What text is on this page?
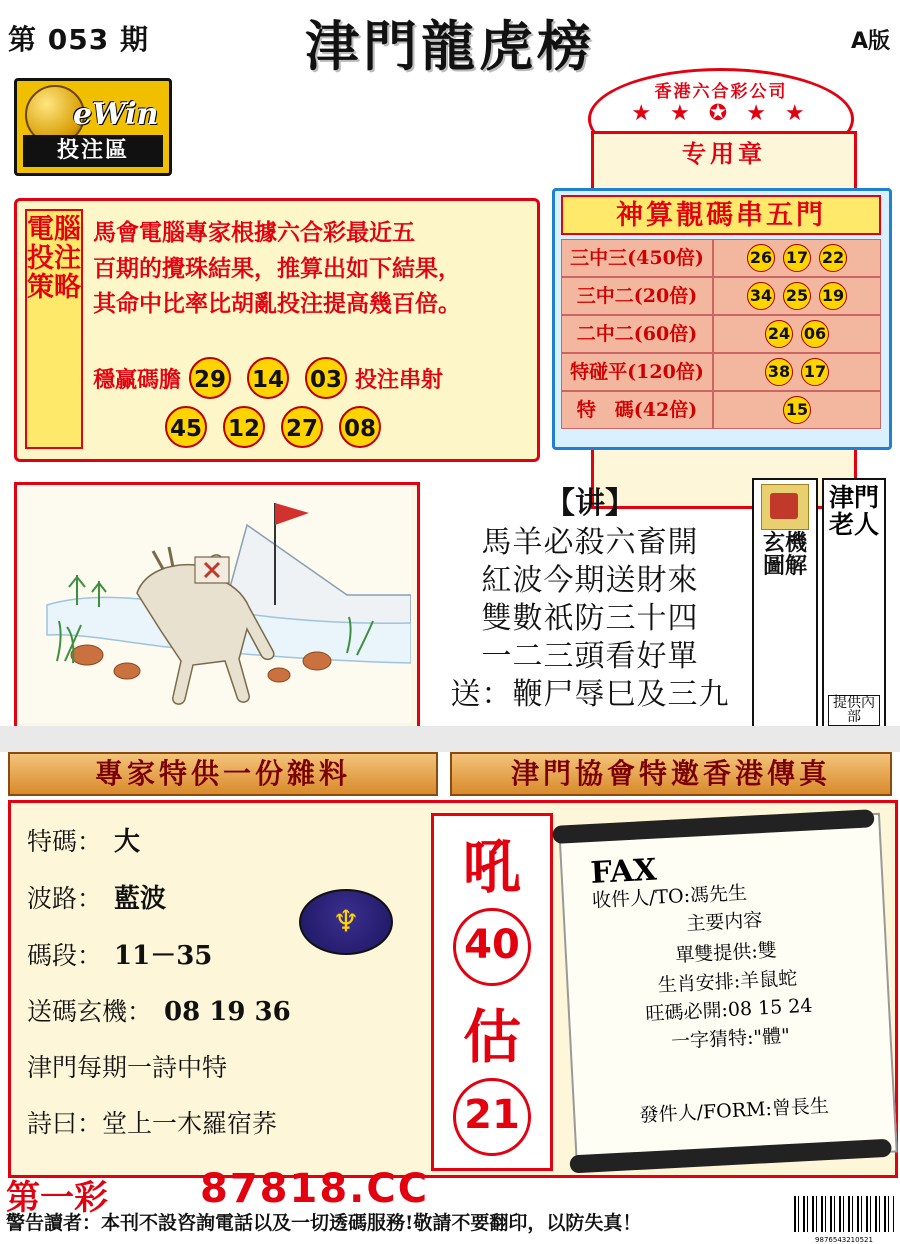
第 053 期	津門龍虎榜	A版
eWin
投注區
香港六合彩公司
★ ★ ✪ ★ ★
专用章
電腦投注策略
馬會電腦專家根據六合彩最近五
百期的攪珠結果，推算出如下結果，
其命中比率比胡亂投注提高幾百倍。
穩赢碼膽 29 14 03 投注串射
45 12 27 08
神算靚碼串五門
三中三(450倍)	26 17 22
三中二(20倍)	34 25 19
二中二(60倍)	24 06
特碰平(120倍)	38 17
特　碼(42倍)	15
【讲】
馬羊必殺六畜開
紅波今期送財來
雙數祇防三十四
一二三頭看好單
送：鞭尸辱巳及三九
玄機圖解
津門老人
提供內部
專家特供一份雜料	津門協會特邀香港傳真
特碼： 大
波路： 藍波
碼段： 11－35
送碼玄機： 08 19 36
津門每期一詩中特
詩曰：堂上一木羅宿荞
♆
吼
40
估
21
FAX
收件人/TO:馮先生
主要内容
單雙提供:雙
生肖安排:羊鼠蛇
旺碼必開:08 15 24
一字猜特:"體"
發件人/FORM:曾長生
第一彩 87818.CC
警告讀者：本刊不設咨詢電話以及一切透碼服務!敬請不要翻印，以防失真！
9876543210521
